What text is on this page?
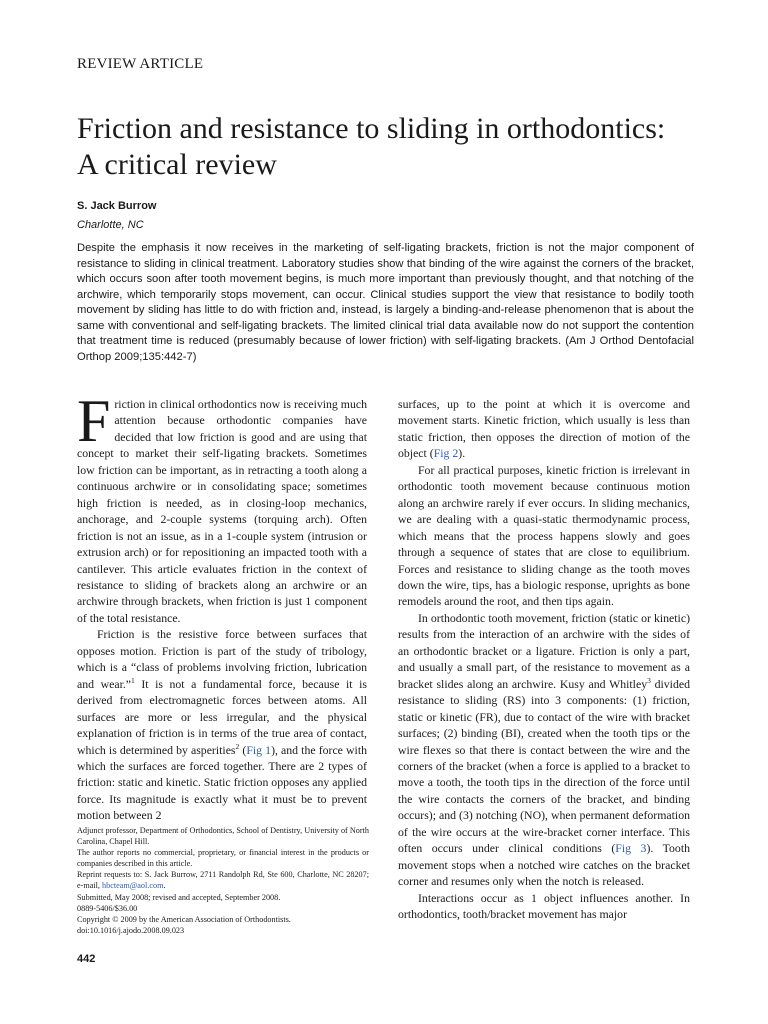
REVIEW ARTICLE
Friction and resistance to sliding in orthodontics:
A critical review
S. Jack Burrow
Charlotte, NC

Despite the emphasis it now receives in the marketing of self-ligating brackets, friction is not the major component of resistance to sliding in clinical treatment. Laboratory studies show that binding of the wire against the corners of the bracket, which occurs soon after tooth movement begins, is much more important than previously thought, and that notching of the archwire, which temporarily stops movement, can occur. Clinical studies support the view that resistance to bodily tooth movement by sliding has little to do with friction and, instead, is largely a binding-and-release phenomenon that is about the same with conventional and self-ligating brackets. The limited clinical trial data available now do not support the contention that treatment time is reduced (presumably because of lower friction) with self-ligating brackets. (Am J Orthod Dentofacial Orthop 2009;135:442-7)

Friction in clinical orthodontics now is receiving much attention because orthodontic companies have decided that low friction is good and are using that concept to market their self-ligating brackets. Sometimes low friction can be important, as in retracting a tooth along a continuous archwire or in consolidating space; sometimes high friction is needed, as in closing-loop mechanics, anchorage, and 2-couple systems (torquing arch). Often friction is not an issue, as in a 1-couple system (intrusion or extrusion arch) or for repositioning an impacted tooth with a cantilever. This article evaluates friction in the context of resistance to sliding of brackets along an archwire or an archwire through brackets, when friction is just 1 component of the total resistance.

Friction is the resistive force between surfaces that opposes motion. Friction is part of the study of tribology, which is a “class of problems involving friction, lubrication and wear.”$^1$ It is not a fundamental force, because it is derived from electromagnetic forces between atoms. All surfaces are more or less irregular, and the physical explanation of friction is in terms of the true area of contact, which is determined by asperities$^2$ (Fig 1), and the force with which the surfaces are forced together. There are 2 types of friction: static and kinetic. Static friction opposes any applied force. Its magnitude is exactly what it must be to prevent motion between 2

surfaces, up to the point at which it is overcome and movement starts. Kinetic friction, which usually is less than static friction, then opposes the direction of motion of the object (Fig 2).

For all practical purposes, kinetic friction is irrelevant in orthodontic tooth movement because continuous motion along an archwire rarely if ever occurs. In sliding mechanics, we are dealing with a quasi-static thermodynamic process, which means that the process happens slowly and goes through a sequence of states that are close to equilibrium. Forces and resistance to sliding change as the tooth moves down the wire, tips, has a biologic response, uprights as bone remodels around the root, and then tips again.

In orthodontic tooth movement, friction (static or kinetic) results from the interaction of an archwire with the sides of an orthodontic bracket or a ligature. Friction is only a part, and usually a small part, of the resistance to movement as a bracket slides along an archwire. Kusy and Whitley$^3$ divided resistance to sliding (RS) into 3 components: (1) friction, static or kinetic (FR), due to contact of the wire with bracket surfaces; (2) binding (BI), created when the tooth tips or the wire flexes so that there is contact between the wire and the corners of the bracket (when a force is applied to a bracket to move a tooth, the tooth tips in the direction of the force until the wire contacts the corners of the bracket, and binding occurs); and (3) notching (NO), when permanent deformation of the wire occurs at the wire-bracket corner interface. This often occurs under clinical conditions (Fig 3). Tooth movement stops when a notched wire catches on the bracket corner and resumes only when the notch is released.

Interactions occur as 1 object influences another. In orthodontics, tooth/bracket movement has major

Adjunct professor, Department of Orthodontics, School of Dentistry, University of North Carolina, Chapel Hill.

The author reports no commercial, proprietary, or financial interest in the products or companies described in this article.

Reprint requests to: S. Jack Burrow, 2711 Randolph Rd, Ste 600, Charlotte, NC 28207; e-mail, hbcteam@aol.com.

Submitted, May 2008; revised and accepted, September 2008.

0889-5406/$36.00

Copyright © 2009 by the American Association of Orthodontists.

doi:10.1016/j.ajodo.2008.09.023

442
